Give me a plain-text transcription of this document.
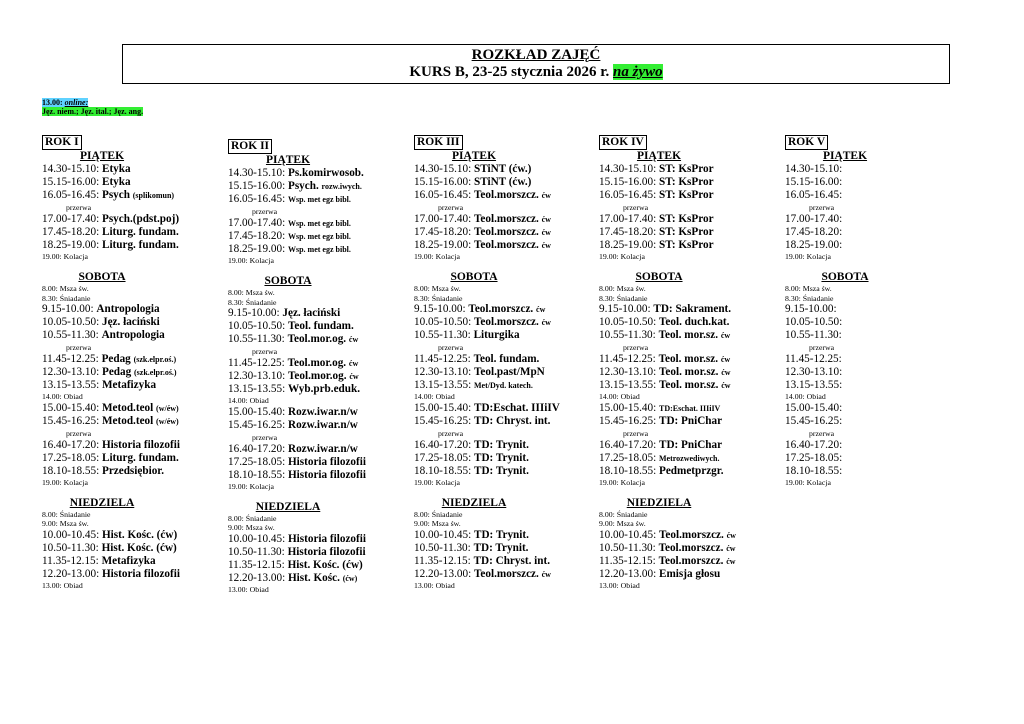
ROZKŁAD ZAJĘĆ
KURS B, 23-25 stycznia 2026 r. na żywo
13.00: online:
Jęz. niem.; Jęz. ital.; Jęz. ang.
ROK I
PIĄTEK
14.30-15.10: Etyka
15.15-16.00: Etyka
16.05-16.45: Psych (splikomun)
przerwa
17.00-17.40: Psych.(pdst.poj)
17.45-18.20: Liturg. fundam.
18.25-19.00: Liturg. fundam.
19.00: Kolacja
SOBOTA
8.00: Msza św.
8.30: Śniadanie
9.15-10.00: Antropologia
10.05-10.50: Jęz. łaciński
10.55-11.30: Antropologia
przerwa
11.45-12.25: Pedag (szk.elpr.oś.)
12.30-13.10: Pedag (szk.elpr.oś.)
13.15-13.55: Metafizyka
14.00: Obiad
15.00-15.40: Metod.teol (w/éw)
15.45-16.25: Metod.teol (w/éw)
przerwa
16.40-17.20: Historia filozofii
17.25-18.05: Liturg. fundam.
18.10-18.55: Przedsiębior.
19.00: Kolacja
NIEDZIELA
8.00: Śniadanie
9.00: Msza św.
10.00-10.45: Hist. Kośc. (ćw)
10.50-11.30: Hist. Kośc. (ćw)
11.35-12.15: Metafizyka
12.20-13.00: Historia filozofii
13.00: Obiad
ROK II
PIĄTEK
14.30-15.10: Ps.komirwosob.
15.15-16.00: Psych. rozw.iwych.
16.05-16.45: Wsp. met egz bibl.
przerwa
17.00-17.40: Wsp. met egz bibl.
17.45-18.20: Wsp. met egz bibl.
18.25-19.00: Wsp. met egz bibl.
19.00: Kolacja
SOBOTA
8.00: Msza św.
8.30: Śniadanie
9.15-10.00: Jęz. łaciński
10.05-10.50: Teol. fundam.
10.55-11.30: Teol.mor.og. ćw
przerwa
11.45-12.25: Teol.mor.og. ćw
12.30-13.10: Teol.mor.og. ćw
13.15-13.55: Wyb.prb.eduk.
14.00: Obiad
15.00-15.40: Rozw.iwar.n/w
15.45-16.25: Rozw.iwar.n/w
przerwa
16.40-17.20: Rozw.iwar.n/w
17.25-18.05: Historia filozofii
18.10-18.55: Historia filozofii
19.00: Kolacja
NIEDZIELA
8.00: Śniadanie
9.00: Msza św.
10.00-10.45: Historia filozofii
10.50-11.30: Historia filozofii
11.35-12.15: Hist. Kośc. (ćw)
12.20-13.00: Hist. Kośc. (ćw)
13.00: Obiad
ROK III
PIĄTEK
14.30-15.10: STiNT (ćw.)
15.15-16.00: STiNT (ćw.)
16.05-16.45: Teol.morszcz. ćw
przerwa
17.00-17.40: Teol.morszcz. ćw
17.45-18.20: Teol.morszcz. ćw
18.25-19.00: Teol.morszcz. ćw
19.00: Kolacja
SOBOTA
8.00: Msza św.
8.30: Śniadanie
9.15-10.00: Teol.morszcz. ćw
10.05-10.50: Teol.morszcz. ćw
10.55-11.30: Liturgika
przerwa
11.45-12.25: Teol. fundam.
12.30-13.10: Teol.past/MpN
13.15-13.55: Met/Dyd. katech.
14.00: Obiad
15.00-15.40: TD:Eschat. IIIiIV
15.45-16.25: TD: Chryst. int.
przerwa
16.40-17.20: TD: Trynit.
17.25-18.05: TD: Trynit.
18.10-18.55: TD: Trynit.
19.00: Kolacja
NIEDZIELA
8.00: Śniadanie
9.00: Msza św.
10.00-10.45: TD: Trynit.
10.50-11.30: TD: Trynit.
11.35-12.15: TD: Chryst. int.
12.20-13.00: Teol.morszcz. ćw
13.00: Obiad
ROK IV
PIĄTEK
14.30-15.10: ST: KsPror
15.15-16.00: ST: KsPror
16.05-16.45: ST: KsPror
przerwa
17.00-17.40: ST: KsPror
17.45-18.20: ST: KsPror
18.25-19.00: ST: KsPror
19.00: Kolacja
SOBOTA
8.00: Msza św.
8.30: Śniadanie
9.15-10.00: TD: Sakrament.
10.05-10.50: Teol. duch.kat.
10.55-11.30: Teol. mor.sz. ćw
przerwa
11.45-12.25: Teol. mor.sz. ćw
12.30-13.10: Teol. mor.sz. ćw
13.15-13.55: Teol. mor.sz. ćw
14.00: Obiad
15.00-15.40: TD:Eschat. IIIiIV
15.45-16.25: TD: PniChar
przerwa
16.40-17.20: TD: PniChar
17.25-18.05: Metrozwediwych.
18.10-18.55: Pedmetprzgr.
19.00: Kolacja
NIEDZIELA
8.00: Śniadanie
9.00: Msza św.
10.00-10.45: Teol.morszcz. ćw
10.50-11.30: Teol.morszcz. ćw
11.35-12.15: Teol.morszcz. ćw
12.20-13.00: Emisja głosu
13.00: Obiad
ROK V
PIĄTEK
14.30-15.10:
15.15-16.00:
16.05-16.45:
przerwa
17.00-17.40:
17.45-18.20:
18.25-19.00:
19.00: Kolacja
SOBOTA
8.00: Msza św.
8.30: Śniadanie
9.15-10.00:
10.05-10.50:
10.55-11.30:
przerwa
11.45-12.25:
12.30-13.10:
13.15-13.55:
14.00: Obiad
15.00-15.40:
15.45-16.25:
przerwa
16.40-17.20:
17.25-18.05:
18.10-18.55:
19.00: Kolacja
